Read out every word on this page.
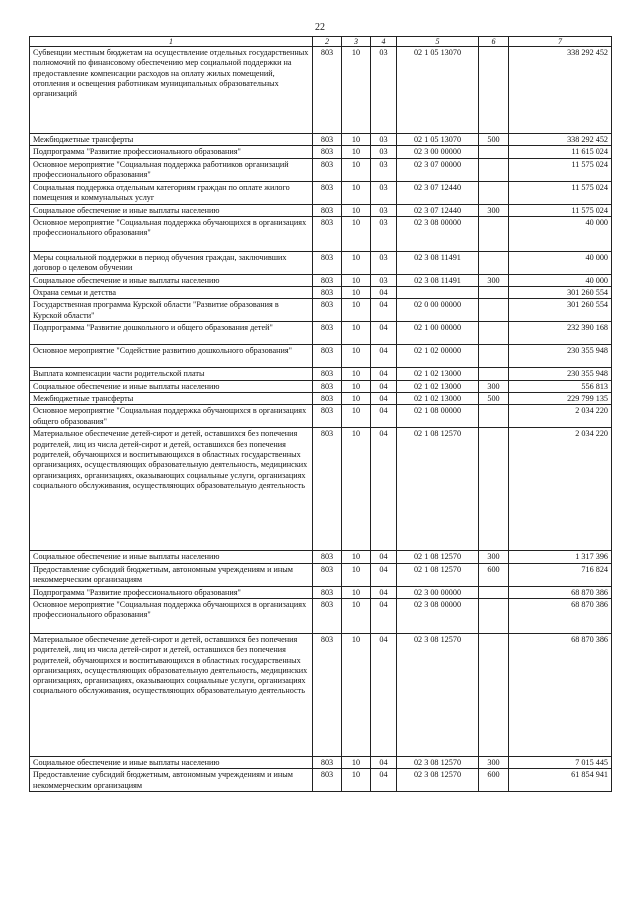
22
1	2	3	4	5	6	7
Субвенции местным бюджетам на осуществление отдельных государственных полномочий по финансовому обеспечению мер социальной поддержки на предоставление компенсации расходов на оплату жилых помещений, отопления и освещения работникам муниципальных образовательных организаций	803	10	03	02 1 05 13070		338 292 452
Межбюджетные трансферты	803	10	03	02 1 05 13070	500	338 292 452
Подпрограмма "Развитие профессионального образования"	803	10	03	02 3 00 00000		11 615 024
Основное мероприятие "Социальная поддержка работников организаций профессионального образования"	803	10	03	02 3 07 00000		11 575 024
Социальная поддержка отдельным категориям граждан по оплате жилого помещения и коммунальных услуг	803	10	03	02 3 07 12440		11 575 024
Социальное обеспечение и иные выплаты населению	803	10	03	02 3 07 12440	300	11 575 024
Основное мероприятие "Социальная поддержка обучающихся в организациях профессионального образования"	803	10	03	02 3 08 00000		40 000
Меры социальной поддержки в период обучения граждан, заключивших договор о целевом обучении	803	10	03	02 3 08 11491		40 000
Социальное обеспечение и иные выплаты населению	803	10	03	02 3 08 11491	300	40 000
Охрана семьи и детства	803	10	04			301 260 554
Государственная программа Курской области "Развитие образования в Курской области"	803	10	04	02 0 00 00000		301 260 554
Подпрограмма "Развитие дошкольного и общего образования детей"	803	10	04	02 1 00 00000		232 390 168
Основное мероприятие "Содействие развитию дошкольного образования"	803	10	04	02 1 02 00000		230 355 948
Выплата компенсации части родительской платы	803	10	04	02 1 02 13000		230 355 948
Социальное обеспечение и иные выплаты населению	803	10	04	02 1 02 13000	300	556 813
Межбюджетные трансферты	803	10	04	02 1 02 13000	500	229 799 135
Основное мероприятие "Социальная поддержка обучающихся в организациях общего образования"	803	10	04	02 1 08 00000		2 034 220
Материальное обеспечение детей-сирот и детей, оставшихся без попечения родителей, лиц из числа детей-сирот и детей, оставшихся без попечения родителей, обучающихся и воспитывающихся в областных государственных организациях, осуществляющих образовательную деятельность, медицинских организациях, организациях, оказывающих социальные услуги, организациях социального обслуживания, осуществляющих образовательную деятельность	803	10	04	02 1 08 12570		2 034 220
Социальное обеспечение и иные выплаты населению	803	10	04	02 1 08 12570	300	1 317 396
Предоставление субсидий бюджетным, автономным учреждениям и иным некоммерческим организациям	803	10	04	02 1 08 12570	600	716 824
Подпрограмма "Развитие профессионального образования"	803	10	04	02 3 00 00000		68 870 386
Основное мероприятие "Социальная поддержка обучающихся в организациях профессионального образования"	803	10	04	02 3 08 00000		68 870 386
Материальное обеспечение детей-сирот и детей, оставшихся без попечения родителей, лиц из числа детей-сирот и детей, оставшихся без попечения родителей, обучающихся и воспитывающихся в областных государственных организациях, осуществляющих образовательную деятельность, медицинских организациях, организациях, оказывающих социальные услуги, организациях социального обслуживания, осуществляющих образовательную деятельность	803	10	04	02 3 08 12570		68 870 386
Социальное обеспечение и иные выплаты населению	803	10	04	02 3 08 12570	300	7 015 445
Предоставление субсидий бюджетным, автономным учреждениям и иным некоммерческим организациям	803	10	04	02 3 08 12570	600	61 854 941
